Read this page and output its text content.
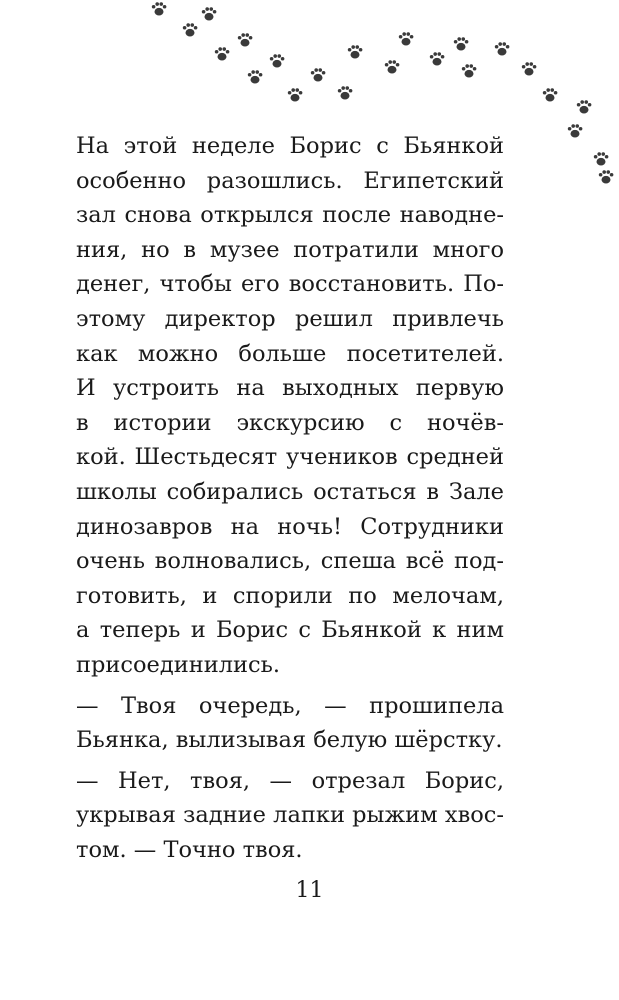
На этой неделе Борис с Бьянкой
особенно разошлись. Египетский
зал снова открылся после наводне-
ния, но в музее потратили много
денег, чтобы его восстановить. По-
этому директор решил привлечь
как можно больше посетителей.
И устроить на выходных первую
в истории экскурсию с ночёв-
кой. Шестьдесят учеников средней
школы собирались остаться в Зале
динозавров на ночь! Сотрудники
очень волновались, спеша всё под-
готовить, и спорили по мелочам,
а теперь и Борис с Бьянкой к ним
присоединились.
— Твоя очередь, — прошипела
Бьянка, вылизывая белую шёрстку.
— Нет, твоя, — отрезал Борис,
укрывая задние лапки рыжим хвос-
том. — Точно твоя.
11
